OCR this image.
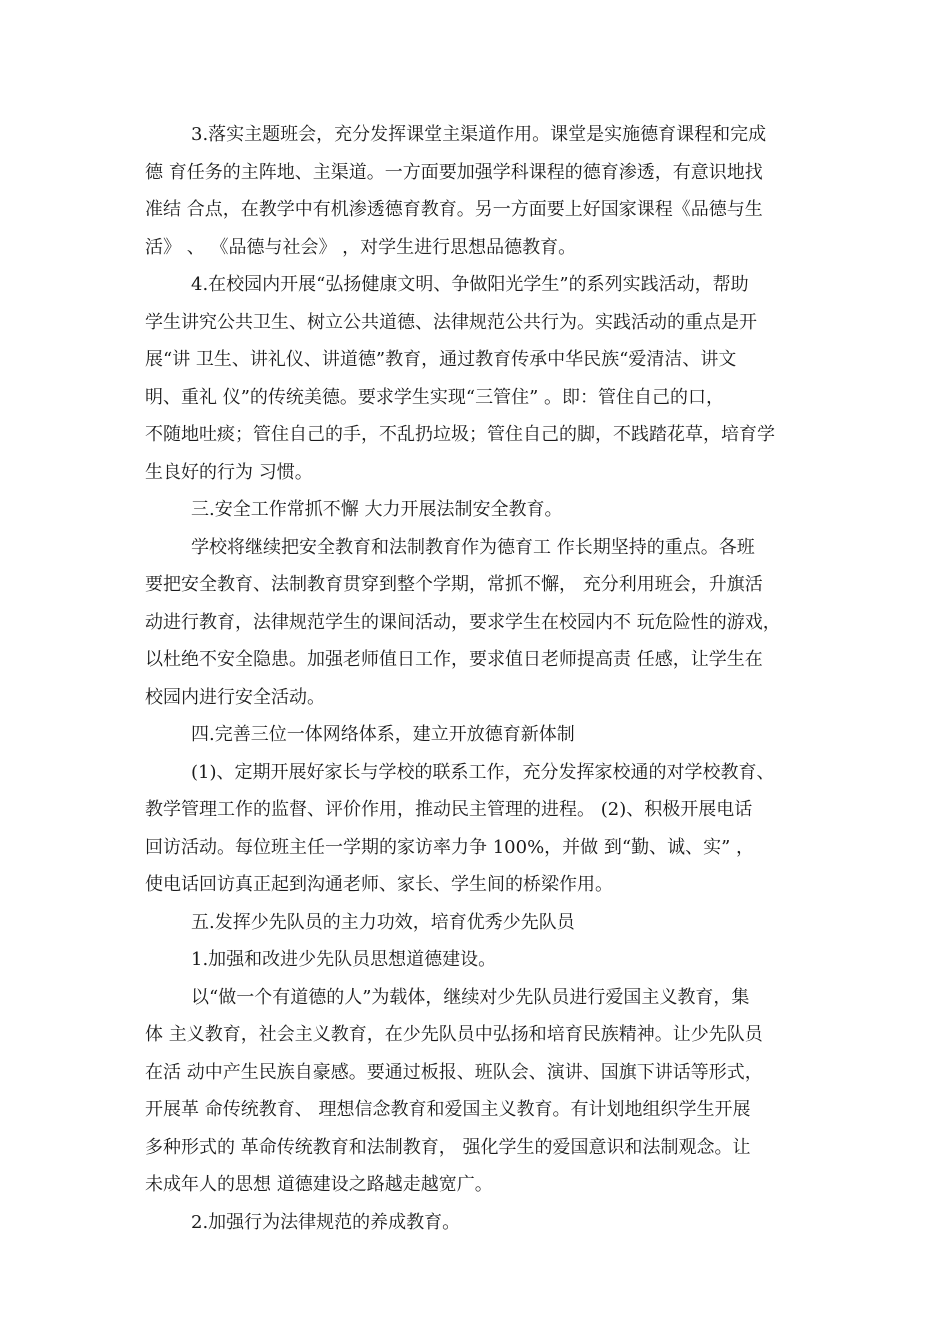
3.落实主题班会，充分发挥课堂主渠道作用。课堂是实施德育课程和完成
德 育任务的主阵地、主渠道。一方面要加强学科课程的德育渗透，有意识地找
准结 合点，在教学中有机渗透德育教育。另一方面要上好国家课程《品德与生
活》 、 《品德与社会》 ，对学生进行思想品德教育。

4.在校园内开展“弘扬健康文明、争做阳光学生”的系列实践活动，帮助
学生讲究公共卫生、树立公共道德、法律规范公共行为。实践活动的重点是开
展“讲 卫生、讲礼仪、讲道德”教育，通过教育传承中华民族“爱清洁、讲文
明、重礼 仪”的传统美德。要求学生实现“三管住” 。即：管住自己的口，
不随地吐痰；管住自己的手，不乱扔垃圾；管住自己的脚，不践踏花草，培育学
生良好的行为 习惯。

三.安全工作常抓不懈 大力开展法制安全教育。

学校将继续把安全教育和法制教育作为德育工 作长期坚持的重点。各班
要把安全教育、法制教育贯穿到整个学期，常抓不懈， 充分利用班会，升旗活
动进行教育，法律规范学生的课间活动，要求学生在校园内不 玩危险性的游戏，
以杜绝不安全隐患。加强老师值日工作，要求值日老师提高责 任感，让学生在
校园内进行安全活动。

四.完善三位一体网络体系，建立开放德育新体制

(1)、定期开展好家长与学校的联系工作，充分发挥家校通的对学校教育、
教学管理工作的监督、评价作用，推动民主管理的进程。 (2)、积极开展电话
回访活动。每位班主任一学期的家访率力争 100%，并做 到“勤、诚、实” ，
使电话回访真正起到沟通老师、家长、学生间的桥梁作用。

五.发挥少先队员的主力功效，培育优秀少先队员

1.加强和改进少先队员思想道德建设。

以“做一个有道德的人”为载体，继续对少先队员进行爱国主义教育，集
体 主义教育，社会主义教育，在少先队员中弘扬和培育民族精神。让少先队员
在活 动中产生民族自豪感。要通过板报、班队会、演讲、国旗下讲话等形式，
开展革 命传统教育、 理想信念教育和爱国主义教育。有计划地组织学生开展
多种形式的 革命传统教育和法制教育， 强化学生的爱国意识和法制观念。让
未成年人的思想 道德建设之路越走越宽广。

2.加强行为法律规范的养成教育。
